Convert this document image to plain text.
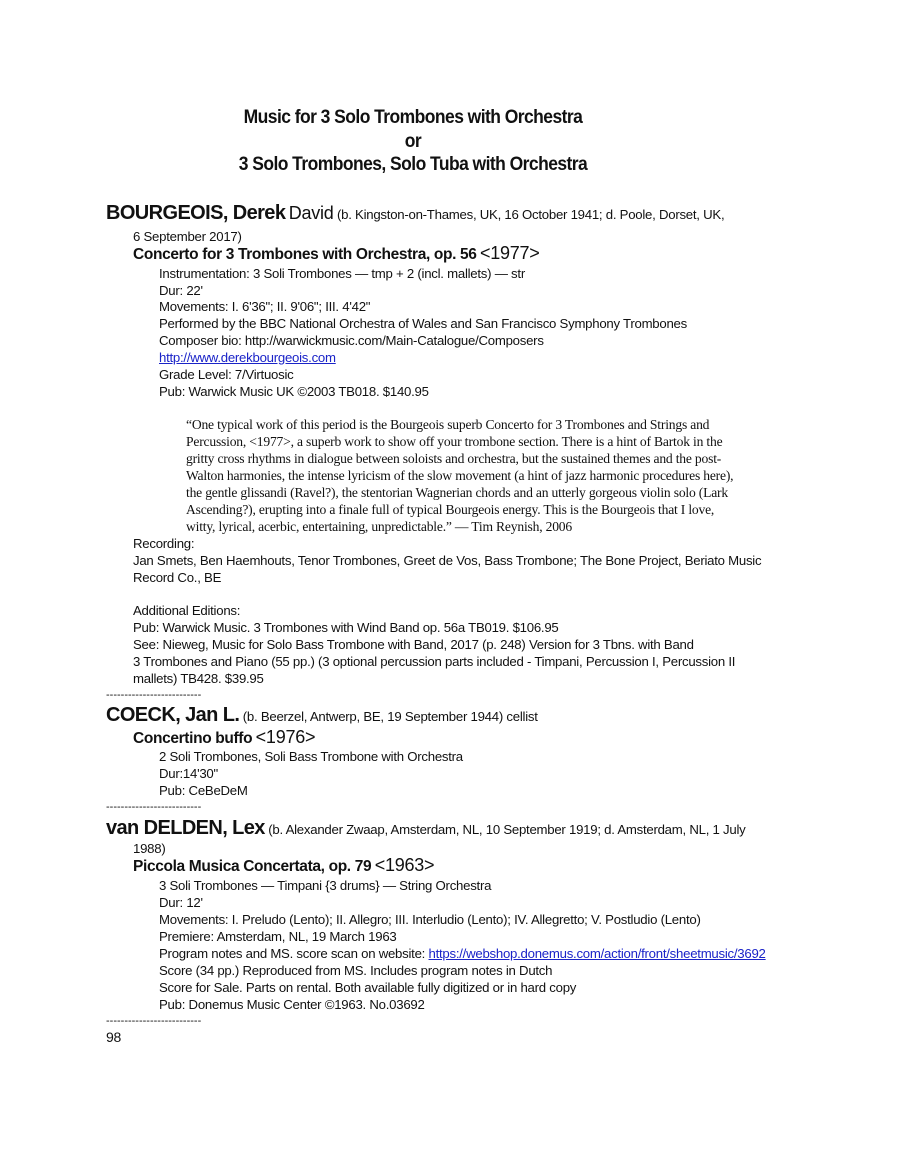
Music for 3 Solo Trombones with Orchestra
or
3 Solo Trombones, Solo Tuba with Orchestra
BOURGEOIS, Derek David (b. Kingston-on-Thames, UK, 16 October 1941; d. Poole, Dorset, UK,
6 September 2017)
Concerto for 3 Trombones with Orchestra, op. 56 <1977>
Instrumentation: 3 Soli Trombones — tmp + 2 (incl. mallets) — str
Dur: 22'
Movements: I. 6'36"; II. 9'06"; III. 4'42"
Performed by the BBC National Orchestra of Wales and San Francisco Symphony Trombones
Composer bio: http://warwickmusic.com/Main-Catalogue/Composers
http://www.derekbourgeois.com
Grade Level: 7/Virtuosic
Pub: Warwick Music UK ©2003 TB018. $140.95
“One typical work of this period is the Bourgeois superb Concerto for 3 Trombones and Strings and
Percussion, <1977>, a superb work to show off your trombone section. There is a hint of Bartok in the
gritty cross rhythms in dialogue between soloists and orchestra, but the sustained themes and the post-
Walton harmonies, the intense lyricism of the slow movement (a hint of jazz harmonic procedures here),
the gentle glissandi (Ravel?), the stentorian Wagnerian chords and an utterly gorgeous violin solo (Lark
Ascending?), erupting into a finale full of typical Bourgeois energy. This is the Bourgeois that I love,
witty, lyrical, acerbic, entertaining, unpredictable.” — Tim Reynish, 2006
Recording:
Jan Smets, Ben Haemhouts, Tenor Trombones, Greet de Vos, Bass Trombone; The Bone Project, Beriato Music
Record Co., BE
Additional Editions:
Pub: Warwick Music. 3 Trombones with Wind Band op. 56a TB019. $106.95
See: Nieweg, Music for Solo Bass Trombone with Band, 2017 (p. 248) Version for 3 Tbns. with Band
3 Trombones and Piano (55 pp.) (3 optional percussion parts included - Timpani, Percussion I, Percussion II
mallets) TB428. $39.95
--------------------------
COECK, Jan L. (b. Beerzel, Antwerp, BE, 19 September 1944) cellist
Concertino buffo <1976>
2 Soli Trombones, Soli Bass Trombone with Orchestra
Dur:14'30"
Pub: CeBeDeM
--------------------------
van DELDEN, Lex (b. Alexander Zwaap, Amsterdam, NL, 10 September 1919; d. Amsterdam, NL, 1 July
1988)
Piccola Musica Concertata, op. 79 <1963>
3 Soli Trombones — Timpani {3 drums} — String Orchestra
Dur: 12'
Movements: I. Preludo (Lento); II. Allegro; III. Interludio (Lento); IV. Allegretto; V. Postludio (Lento)
Premiere: Amsterdam, NL, 19 March 1963
Program notes and MS. score scan on website: https://webshop.donemus.com/action/front/sheetmusic/3692
Score (34 pp.) Reproduced from MS. Includes program notes in Dutch
Score for Sale. Parts on rental. Both available fully digitized or in hard copy
Pub: Donemus Music Center ©1963. No.03692
--------------------------
98
